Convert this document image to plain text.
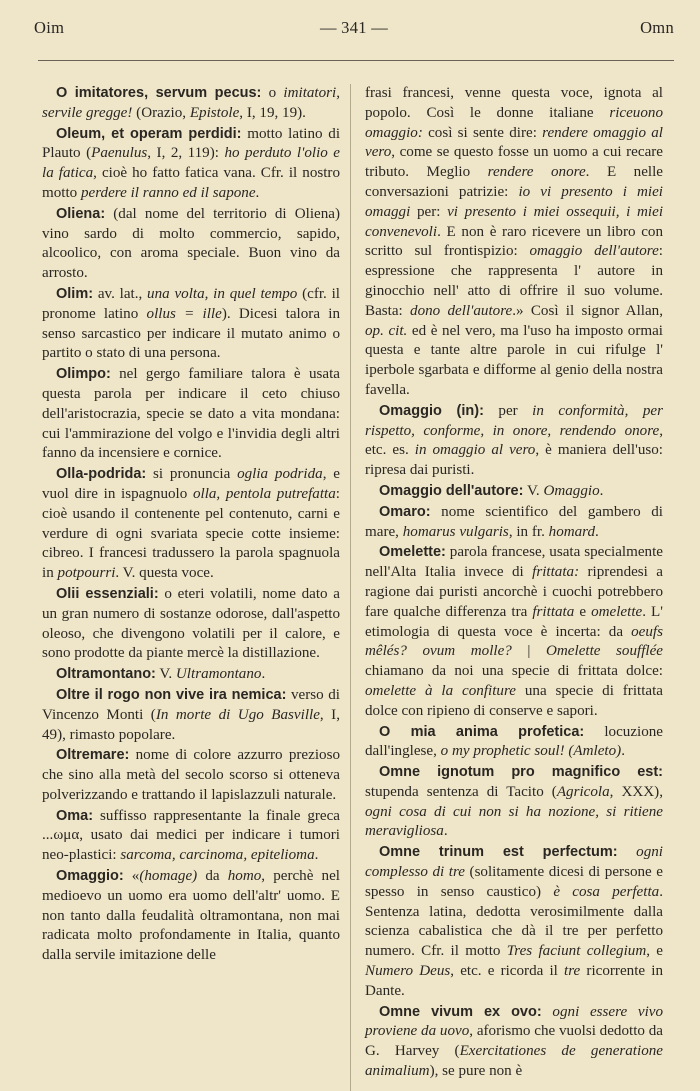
Oim	— 341 —	Omn

O imitatores, servum pecus: o imitatori, servile gregge! (Orazio, Epistole, I, 19, 19).

Oleum, et operam perdidi: motto latino di Plauto (Paenulus, I, 2, 119): ho perduto l'olio e la fatica, cioè ho fatto fatica vana. Cfr. il nostro motto perdere il ranno ed il sapone.

Oliena: (dal nome del territorio di Oliena) vino sardo di molto commercio, sapido, alcoolico, con aroma speciale. Buon vino da arrosto.

Olim: av. lat., una volta, in quel tempo (cfr. il pronome latino ollus = ille). Dicesi talora in senso sarcastico per indicare il mutato animo o partito o stato di una persona.

Olimpo: nel gergo familiare talora è usata questa parola per indicare il ceto chiuso dell'aristocrazia, specie se dato a vita mondana: cui l'ammirazione del volgo e l'invidia degli altri fanno da incensiere e cornice.

Olla-podrida: si pronuncia oglia podrida, e vuol dire in ispagnuolo olla, pentola putrefatta: cioè usando il contenente pel contenuto, carni e verdure di ogni svariata specie cotte insieme: cibreo. I francesi tradussero la parola spagnuola in potpourri. V. questa voce.

Olii essenziali: o eteri volatili, nome dato a un gran numero di sostanze odorose, dall'aspetto oleoso, che divengono volatili per il calore, e sono prodotte da piante mercè la distillazione.

Oltramontano: V. Ultramontano.

Oltre il rogo non vive ira nemica: verso di Vincenzo Monti (In morte di Ugo Basville, I, 49), rimasto popolare.

Oltremare: nome di colore azzurro prezioso che sino alla metà del secolo scorso si otteneva polverizzando e trattando il lapislazzuli naturale.

Oma: suffisso rappresentante la finale greca ...ωμα, usato dai medici per indicare i tumori neo-plastici: sarcoma, carcinoma, epitelioma.

Omaggio: «(homage) da homo, perchè nel medioevo un uomo era uomo dell'altr' uomo. E non tanto dalla feudalità oltramontana, non mai radicata molto profondamente in Italia, quanto dalla servile imitazione delle

frasi francesi, venne questa voce, ignota al popolo. Così le donne italiane riceuono omaggio: così si sente dire: rendere omaggio al vero, come se questo fosse un uomo a cui recare tributo. Meglio rendere onore. E nelle conversazioni patrizie: io vi presento i miei omaggi per: vi presento i miei ossequii, i miei convenevoli. E non è raro ricevere un libro con scritto sul frontispizio: omaggio dell'autore: espressione che rappresenta l' autore in ginocchio nell' atto di offrire il suo volume. Basta: dono dell'autore.» Così il signor Allan, op. cit. ed è nel vero, ma l'uso ha imposto ormai questa e tante altre parole in cui rifulge l' iperbole sgarbata e difforme al genio della nostra favella.

Omaggio (in): per in conformità, per rispetto, conforme, in onore, rendendo onore, etc. es. in omaggio al vero, è maniera dell'uso: ripresa dai puristi.

Omaggio dell'autore: V. Omaggio.

Omaro: nome scientifico del gambero di mare, homarus vulgaris, in fr. homard.

Omelette: parola francese, usata specialmente nell'Alta Italia invece di frittata: riprendesi a ragione dai puristi ancorchè i cuochi potrebbero fare qualche differenza tra frittata e omelette. L' etimologia di questa voce è incerta: da oeufs mêlés? ovum molle? | Omelette soufflée chiamano da noi una specie di frittata dolce: omelette à la confiture una specie di frittata dolce con ripieno di conserve e sapori.

O mia anima profetica: locuzione dall'inglese, o my prophetic soul! (Amleto).

Omne ignotum pro magnifico est: stupenda sentenza di Tacito (Agricola, XXX), ogni cosa di cui non si ha nozione, si ritiene meravigliosa.

Omne trinum est perfectum: ogni complesso di tre (solitamente dicesi di persone e spesso in senso caustico) è cosa perfetta. Sentenza latina, dedotta verosimilmente dalla scienza cabalistica che dà il tre per perfetto numero. Cfr. il motto Tres faciunt collegium, e Numero Deus, etc. e ricorda il tre ricorrente in Dante.

Omne vivum ex ovo: ogni essere vivo proviene da uovo, aforismo che vuolsi dedotto da G. Harvey (Exercitationes de generatione animalium), se pure non è
